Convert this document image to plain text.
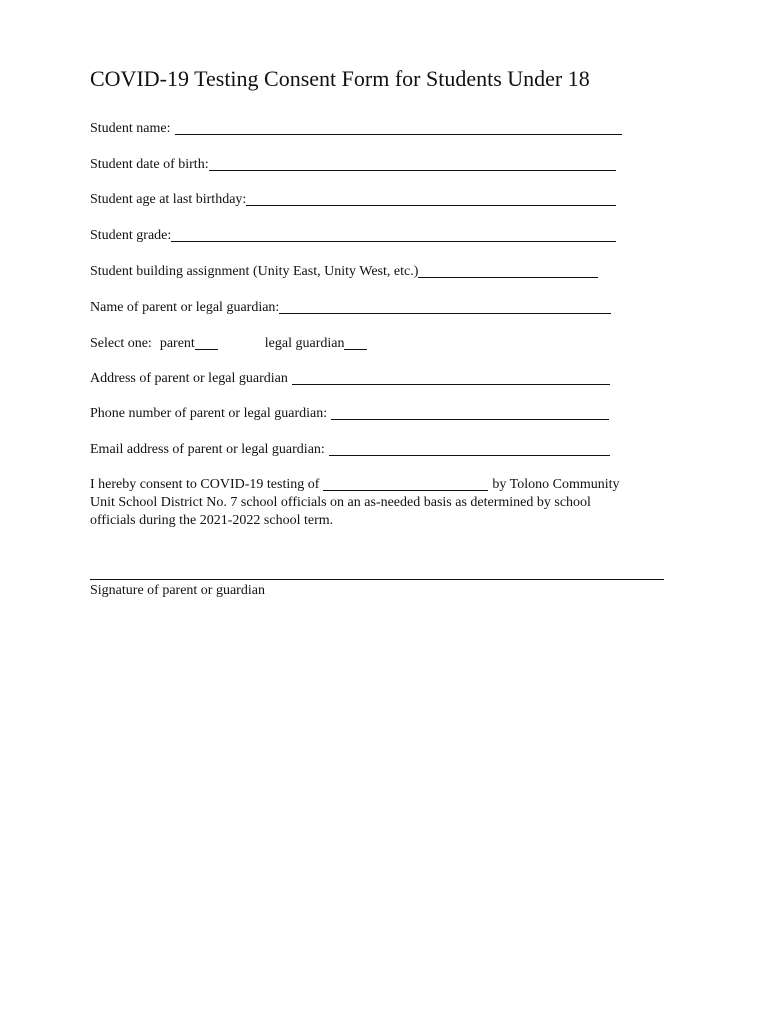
COVID-19 Testing Consent Form for Students Under 18
Student name:
Student date of birth:
Student age at last birthday:
Student grade:
Student building assignment (Unity East, Unity West, etc.)
Name of parent or legal guardian:
Select one: parent	legal guardian
Address of parent or legal guardian
Phone number of parent or legal guardian:
Email address of parent or legal guardian:
I hereby consent to COVID-19 testing of	by Tolono Community
Unit School District No. 7 school officials on an as-needed basis as determined by school
officials during the 2021-2022 school term.
Signature of parent or guardian
